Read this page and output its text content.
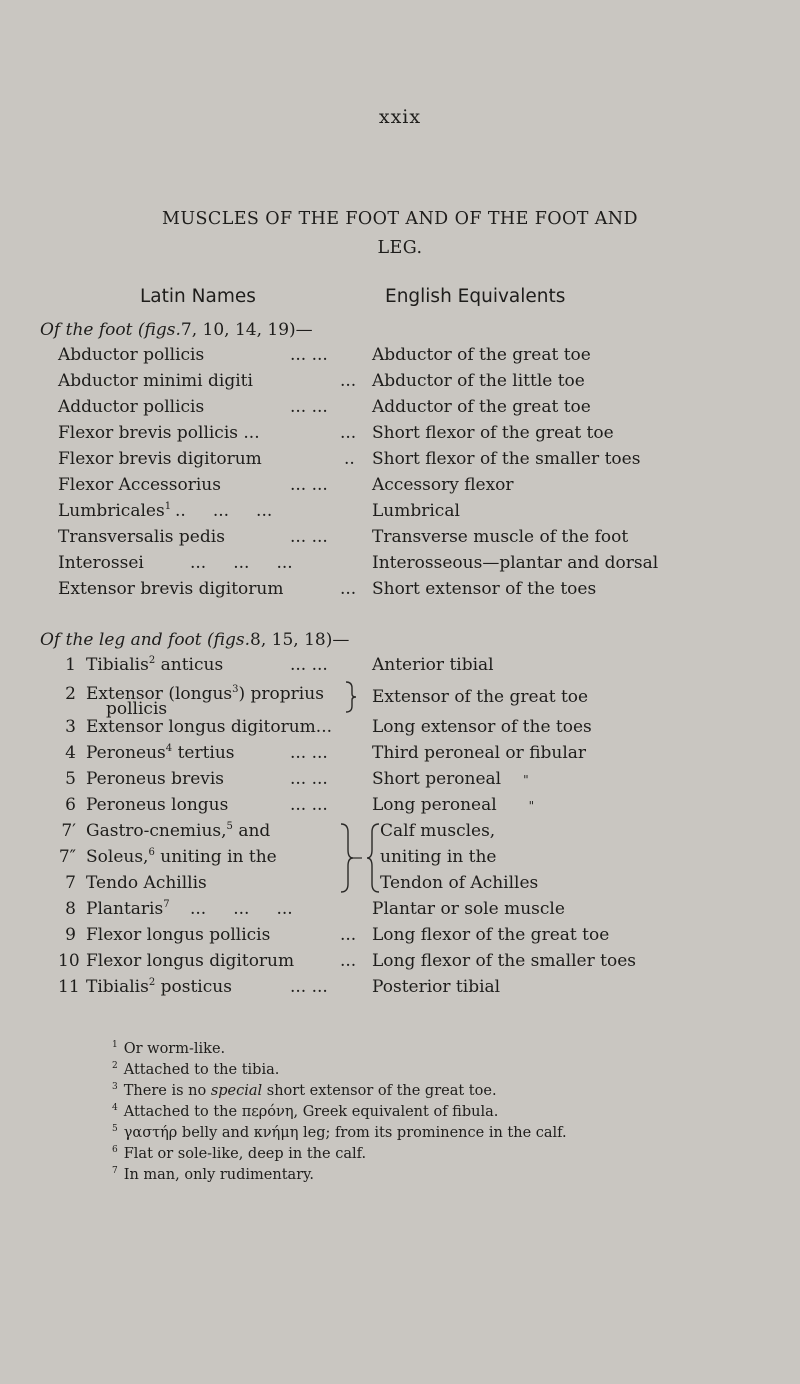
xxix
MUSCLES OF THE FOOT AND OF THE FOOT AND
LEG.
Latin Names	English Equivalents
Of the foot (figs.7, 10, 14, 19)—
Abductor pollicis	... ...	Abductor of the great toe
Abductor minimi digiti	... Abductor of the little toe
Adductor pollicis	... ...	Adductor of the great toe
Flexor brevis pollicis ...	... Short flexor of the great toe
Flexor brevis digitorum	.. Short flexor of the smaller toes
Flexor Accessorius	... ...	Accessory flexor
Lumbricales$^1$ ..     ...     ...	Lumbrical
Transversalis pedis	... ...	Transverse muscle of the foot
Interossei	...     ...     ...	Interosseous—plantar and dorsal
Extensor brevis digitorum	... Short extensor of the toes
Of the leg and foot (figs.8, 15, 18)—
1 Tibialis$^2$ anticus	... ...	Anterior tibial
2 Extensor (longus$^3$) proprius
pollicis
Extensor of the great toe
3 Extensor longus digitorum... Long extensor of the toes
4 Peroneus$^4$ tertius	... ...	Third peroneal or fibular
5 Peroneus brevis	... ...	Short peroneal "
6 Peroneus longus	... ...	Long peroneal	"
7′ Gastro-cnemius,$^5$ and	Calf muscles,
7″ Soleus,$^6$ uniting in the	uniting in the
7 Tendo Achillis	Tendon of Achilles
8 Plantaris$^7$ ...     ...     ...	Plantar or sole muscle
9 Flexor longus pollicis	... Long flexor of the great toe
10 Flexor longus digitorum	... Long flexor of the smaller toes
11 Tibialis$^2$ posticus	... ...	Posterior tibial
$^1$ Or worm-like.
$^2$ Attached to the tibia.
$^3$ There is no special short extensor of the great toe.
$^4$ Attached to the περόνη, Greek equivalent of fibula.
$^5$ γαστήρ belly and κνήμη leg; from its prominence in the calf.
$^6$ Flat or sole-like, deep in the calf.
$^7$ In man, only rudimentary.
